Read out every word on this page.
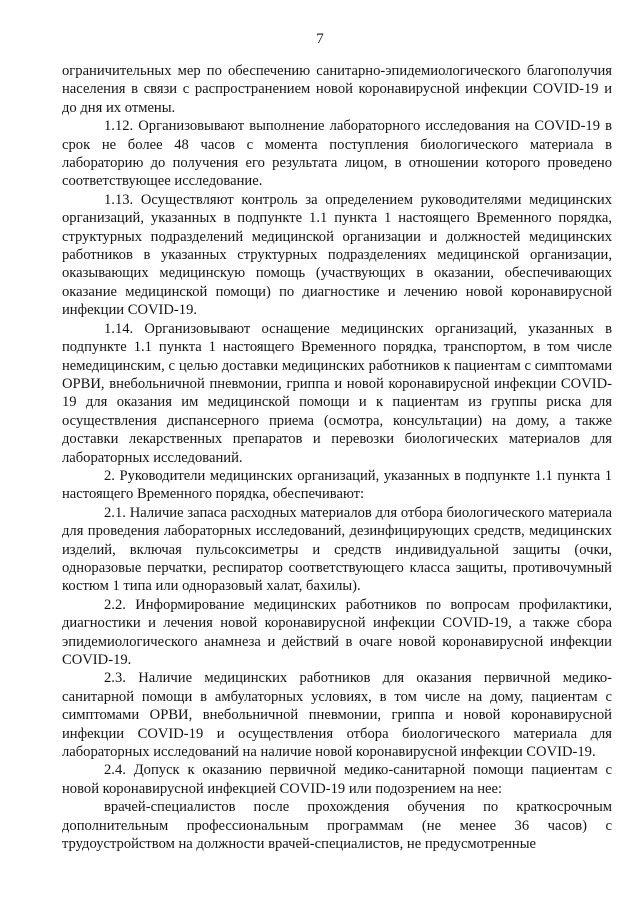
7

ограничительных мер по обеспечению санитарно-эпидемиологического благополучия населения в связи с распространением новой коронавирусной инфекции COVID-19 и до дня их отмены.

1.12. Организовывают выполнение лабораторного исследования на COVID-19 в срок не более 48 часов с момента поступления биологического материала в лабораторию до получения его результата лицом, в отношении которого проведено соответствующее исследование.

1.13. Осуществляют контроль за определением руководителями медицинских организаций, указанных в подпункте 1.1 пункта 1 настоящего Временного порядка, структурных подразделений медицинской организации и должностей медицинских работников в указанных структурных подразделениях медицинской организации, оказывающих медицинскую помощь (участвующих в оказании, обеспечивающих оказание медицинской помощи) по диагностике и лечению новой коронавирусной инфекции COVID-19.

1.14. Организовывают оснащение медицинских организаций, указанных в подпункте 1.1 пункта 1 настоящего Временного порядка, транспортом, в том числе немедицинским, с целью доставки медицинских работников к пациентам с симптомами ОРВИ, внебольничной пневмонии, гриппа и новой коронавирусной инфекции COVID-19 для оказания им медицинской помощи и к пациентам из группы риска для осуществления диспансерного приема (осмотра, консультации) на дому, а также доставки лекарственных препаратов и перевозки биологических материалов для лабораторных исследований.

2. Руководители медицинских организаций, указанных в подпункте 1.1 пункта 1 настоящего Временного порядка, обеспечивают:

2.1. Наличие запаса расходных материалов для отбора биологического материала для проведения лабораторных исследований, дезинфицирующих средств, медицинских изделий, включая пульсоксиметры и средств индивидуальной защиты (очки, одноразовые перчатки, респиратор соответствующего класса защиты, противочумный костюм 1 типа или одноразовый халат, бахилы).

2.2. Информирование медицинских работников по вопросам профилактики, диагностики и лечения новой коронавирусной инфекции COVID-19, а также сбора эпидемиологического анамнеза и действий в очаге новой коронавирусной инфекции COVID-19.

2.3. Наличие медицинских работников для оказания первичной медико-санитарной помощи в амбулаторных условиях, в том числе на дому, пациентам с симптомами ОРВИ, внебольничной пневмонии, гриппа и новой коронавирусной инфекции COVID-19 и осуществления отбора биологического материала для лабораторных исследований на наличие новой коронавирусной инфекции COVID-19.

2.4. Допуск к оказанию первичной медико-санитарной помощи пациентам с новой коронавирусной инфекцией COVID-19 или подозрением на нее:

врачей-специалистов после прохождения обучения по краткосрочным дополнительным профессиональным программам (не менее 36 часов) с трудоустройством на должности врачей-специалистов, не предусмотренные
